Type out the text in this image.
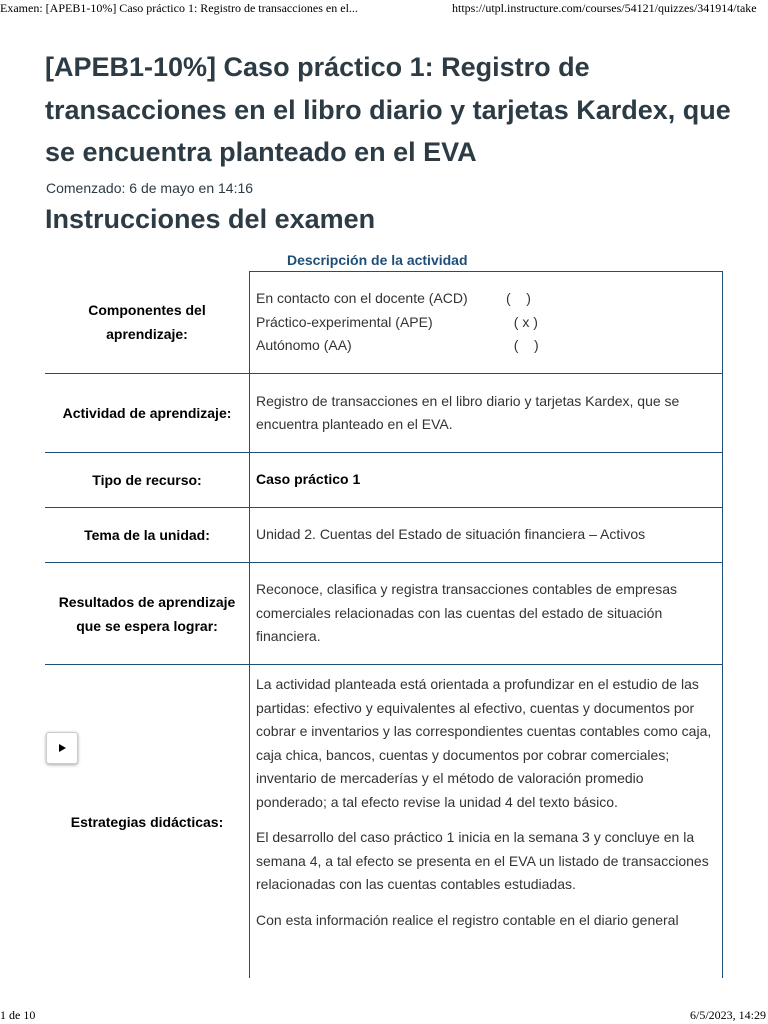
Examen: [APEB1-10%] Caso práctico 1: Registro de transacciones en el...	https://utpl.instructure.com/courses/54121/quizzes/341914/take
[APEB1-10%] Caso práctico 1: Registro de transacciones en el libro diario y tarjetas Kardex, que se encuentra planteado en el EVA
Comenzado: 6 de mayo en 14:16
Instrucciones del examen
Descripción de la actividad
Componentes del aprendizaje:
En contacto con el docente (ACD)	(    )
Práctico-experimental (APE)	( x )
Autónomo (AA)	(    )
Actividad de aprendizaje:
Registro de transacciones en el libro diario y tarjetas Kardex, que se encuentra planteado en el EVA.
Tipo de recurso:	Caso práctico 1
Tema de la unidad:	Unidad 2. Cuentas del Estado de situación financiera – Activos
Resultados de aprendizaje que se espera lograr:
Reconoce, clasifica y registra transacciones contables de empresas comerciales relacionadas con las cuentas del estado de situación financiera.
Estrategias didácticas:

La actividad planteada está orientada a profundizar en el estudio de las partidas: efectivo y equivalentes al efectivo, cuentas y documentos por cobrar e inventarios y las correspondientes cuentas contables como caja, caja chica, bancos, cuentas y documentos por cobrar comerciales; inventario de mercaderías y el método de valoración promedio ponderado; a tal efecto revise la unidad 4 del texto básico.

El desarrollo del caso práctico 1 inicia en la semana 3 y concluye en la semana 4, a tal efecto se presenta en el EVA un listado de transacciones relacionadas con las cuentas contables estudiadas.

Con esta información realice el registro contable en el diario general

1 de 10	6/5/2023, 14:29
